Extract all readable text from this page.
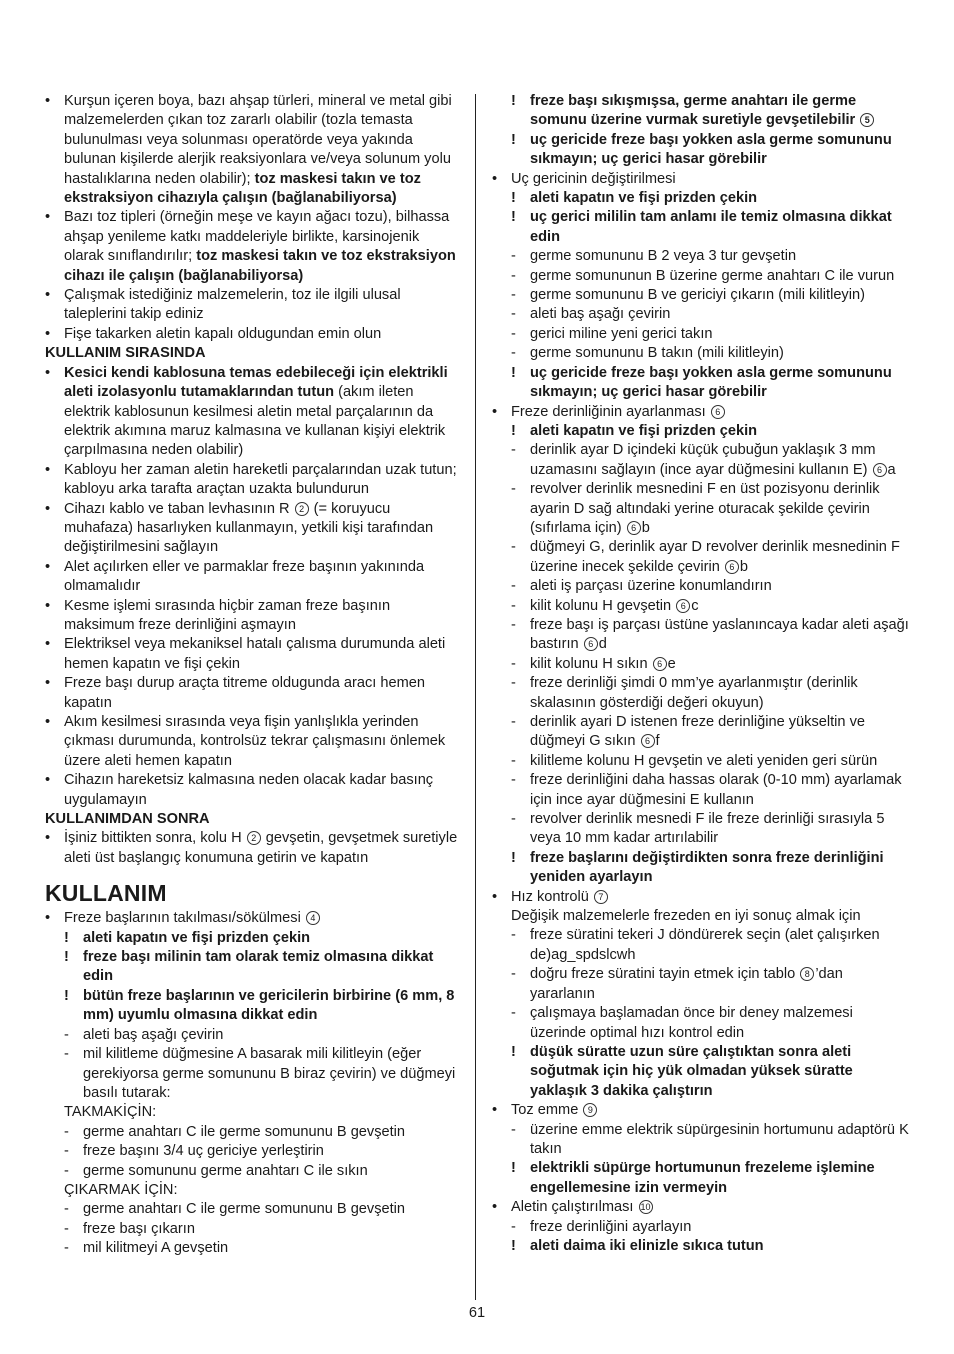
• Kurşun içeren boya, bazı ahşap türleri, mineral ve metal gibi malzemelerden çıkan toz zararlı olabilir (tozla temasta bulunulması veya solunması operatörde veya yakında bulunan kişilerde alerjik reaksiyonlara ve/veya solunum yolu hastalıklarına neden olabilir); toz maskesi takın ve toz ekstraksiyon cihazıyla çalışın (bağlanabiliyorsa)
• Bazı toz tipleri (örneğin meşe ve kayın ağacı tozu), bilhassa ahşap yenileme katkı maddeleriyle birlikte, karsinojenik olarak sınıflandırılır; toz maskesi takın ve toz ekstraksiyon cihazı ile çalışın (bağlanabiliyorsa)
• Çalışmak istediğiniz malzemelerin, toz ile ilgili ulusal taleplerini takip ediniz
• Fişe takarken aletin kapalı oldugundan emin olun
KULLANIM SIRASINDA
• Kesici kendi kablosuna temas edebileceği için elektrikli aleti izolasyonlu tutamaklarından tutun (akım ileten elektrik kablosunun kesilmesi aletin metal parçalarının da elektrik akımına maruz kalmasına ve kullanan kişiyi elektrik çarpılmasına neden olabilir)
• Kabloyu her zaman aletin hareketli parçalarından uzak tutun; kabloyu arka tarafta araçtan uzakta bulundurun
• Cihazı kablo ve taban levhasının R 2 (= koruyucu muhafaza) hasarlıyken kullanmayın, yetkili kişi tarafından değiştirilmesini sağlayın
• Alet açılırken eller ve parmaklar freze başının yakınında olmamalıdır
• Kesme işlemi sırasında hiçbir zaman freze başının maksimum freze derinliğini aşmayın
• Elektriksel veya mekaniksel hatalı çalısma durumunda aleti hemen kapatın ve fişi çekin
• Freze başı durup araçta titreme oldugunda aracı hemen kapatın
• Akım kesilmesi sırasında veya fişin yanlışlıkla yerinden çıkması durumunda, kontrolsüz tekrar çalışmasını önlemek üzere aleti hemen kapatın
• Cihazın hareketsiz kalmasına neden olacak kadar basınç uygulamayın
KULLANIMDAN SONRA
• İşiniz bittikten sonra, kolu H 2 gevşetin, gevşetmek suretiyle aleti üst başlangıç konumuna getirin ve kapatın
KULLANIM
• Freze başlarının takılması/sökülmesi 4
! aleti kapatın ve fişi prizden çekin
! freze başı milinin tam olarak temiz olmasına dikkat edin
! bütün freze başlarının ve gericilerin birbirine (6 mm, 8 mm) uyumlu olmasına dikkat edin
- aleti baş aşağı çevirin
- mil kilitleme düğmesine A basarak mili kilitleyin (eğer gerekiyorsa germe somununu B biraz çevirin) ve düğmeyi basılı tutarak:
TAKMAKİÇİN:
- germe anahtarı C ile germe somununu B gevşetin
- freze başını 3/4 uç gericiye yerleştirin
- germe somununu germe anahtarı C ile sıkın
ÇIKARMAK İÇİN:
- germe anahtarı C ile germe somununu B gevşetin
- freze başı çıkarın
- mil kilitmeyi A gevşetin
! freze başı sıkışmışsa, germe anahtarı ile germe somunu üzerine vurmak suretiyle gevşetilebilir 5
! uç gericide freze başı yokken asla germe somununu sıkmayın; uç gerici hasar görebilir
• Uç gericinin değiştirilmesi
! aleti kapatın ve fişi prizden çekin
! uç gerici mililin tam anlamı ile temiz olmasına dikkat edin
- germe somununu B 2 veya 3 tur gevşetin
- germe somununun B üzerine germe anahtarı C ile vurun
- germe somununu B ve gericiyi çıkarın (mili kilitleyin)
- aleti baş aşağı çevirin
- gerici miline yeni gerici takın
- germe somununu B takın (mili kilitleyin)
! uç gericide freze başı yokken asla germe somununu sıkmayın; uç gerici hasar görebilir
• Freze derinliğinin ayarlanması 6
! aleti kapatın ve fişi prizden çekin
- derinlik ayar D içindeki küçük çubuğun yaklaşık 3 mm uzamasını sağlayın (ince ayar düğmesini kullanın E) 6 a
- revolver derinlik mesnedini F en üst pozisyonu derinlik ayarin D sağ altındaki yerine oturacak şekilde çevirin (sıfırlama için) 6 b
- düğmeyi G, derinlik ayar D revolver derinlik mesnedinin F üzerine inecek şekilde çevirin 6 b
- aleti iş parçası üzerine konumlandırın
- kilit kolunu H gevşetin 6 c
- freze başı iş parçası üstüne yaslanıncaya kadar aleti aşağı bastırın 6 d
- kilit kolunu H sıkın 6 e
- freze derinliği şimdi 0 mm’ye ayarlanmıştır (derinlik skalasının gösterdiği değeri okuyun)
- derinlik ayari D istenen freze derinliğine yükseltin ve düğmeyi G sıkın 6 f
- kilitleme kolunu H gevşetin ve aleti yeniden geri sürün
- freze derinliğini daha hassas olarak (0-10 mm) ayarlamak için ince ayar düğmesini E kullanın
- revolver derinlik mesnedi F ile freze derinliği sırasıyla 5 veya 10 mm kadar artırılabilir
! freze başlarını değiştirdikten sonra freze derinliğini yeniden ayarlayın
• Hız kontrolü 7
Değişik malzemelerle frezeden en iyi sonuç almak için
- freze süratini tekeri J döndürerek seçin (alet çalışırken de)ag_spdslcwh
- doğru freze süratini tayin etmek için tablo 8 ’dan yararlanın
- çalışmaya başlamadan önce bir deney malzemesi üzerinde optimal hızı kontrol edin
! düşük süratte uzun süre çalıştıktan sonra aleti soğutmak için hiç yük olmadan yüksek süratte yaklaşık 3 dakika çalıştırın
• Toz emme 9
- üzerine emme elektrik süpürgesinin hortumunu adaptörü K takın
! elektrikli süpürge hortumunun frezeleme işlemine engellemesine izin vermeyin
• Aletin çalıştırılması 10
- freze derinliğini ayarlayın
! aleti daima iki elinizle sıkıca tutun
61
